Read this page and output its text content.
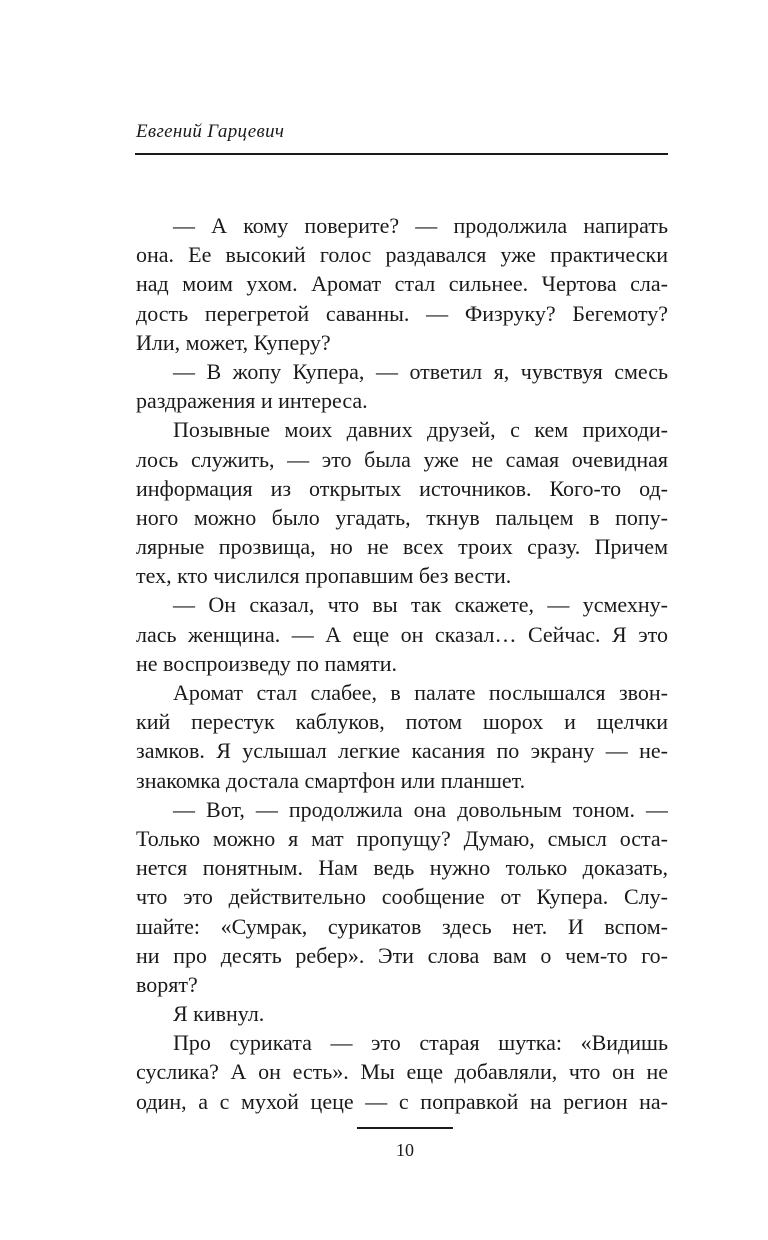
Евгений Гарцевич
— А кому поверите? — продолжила напирать
она. Ее высокий голос раздавался уже практически
над моим ухом. Аромат стал сильнее. Чертова сла-
дость перегретой саванны. — Физруку? Бегемоту?
Или, может, Куперу?
— В жопу Купера, — ответил я, чувствуя смесь
раздражения и интереса.
Позывные моих давних друзей, с кем приходи-
лось служить, — это была уже не самая очевидная
информация из открытых источников. Кого-то од-
ного можно было угадать, ткнув пальцем в попу-
лярные прозвища, но не всех троих сразу. Причем
тех, кто числился пропавшим без вести.
— Он сказал, что вы так скажете, — усмехну-
лась женщина. — А еще он сказал… Сейчас. Я это
не воспроизведу по памяти.
Аромат стал слабее, в палате послышался звон-
кий перестук каблуков, потом шорох и щелчки
замков. Я услышал легкие касания по экрану — не-
знакомка достала смартфон или планшет.
— Вот, — продолжила она довольным тоном. —
Только можно я мат пропущу? Думаю, смысл оста-
нется понятным. Нам ведь нужно только доказать,
что это действительно сообщение от Купера. Слу-
шайте: «Сумрак, сурикатов здесь нет. И вспом-
ни про десять ребер». Эти слова вам о чем-то го-
ворят?
Я кивнул.
Про суриката — это старая шутка: «Видишь
суслика? А он есть». Мы еще добавляли, что он не
один, а с мухой цеце — с поправкой на регион на-
10
